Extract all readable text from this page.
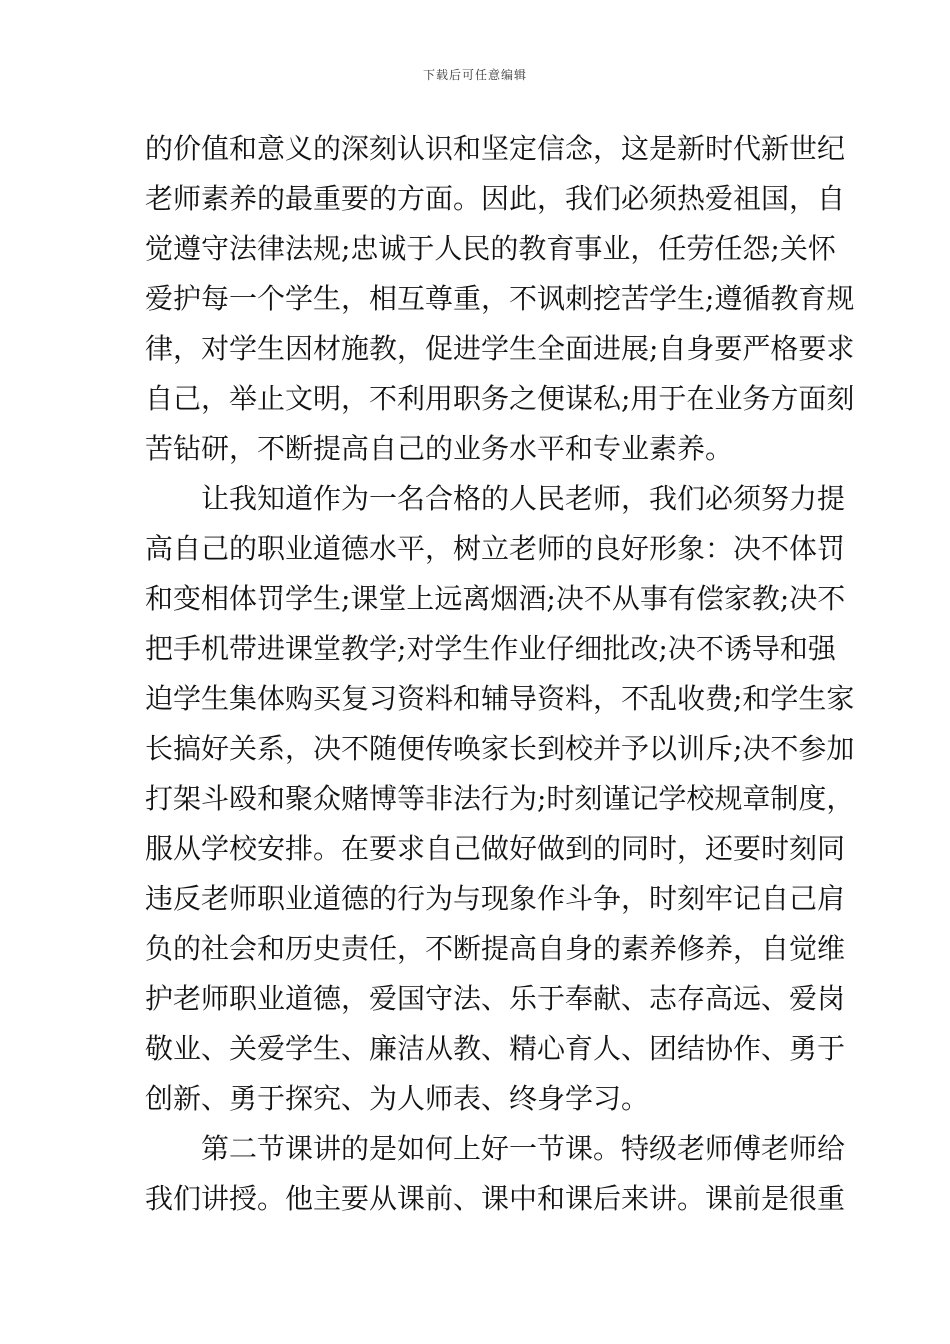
下载后可任意编辑
的价值和意义的深刻认识和坚定信念，这是新时代新世纪
老师素养的最重要的方面。因此，我们必须热爱祖国，自
觉遵守法律法规;忠诚于人民的教育事业，任劳任怨;关怀
爱护每一个学生，相互尊重，不讽刺挖苦学生;遵循教育规
律，对学生因材施教，促进学生全面进展;自身要严格要求
自己，举止文明，不利用职务之便谋私;用于在业务方面刻
苦钻研，不断提高自己的业务水平和专业素养。
让我知道作为一名合格的人民老师，我们必须努力提
高自己的职业道德水平，树立老师的良好形象：决不体罚
和变相体罚学生;课堂上远离烟酒;决不从事有偿家教;决不
把手机带进课堂教学;对学生作业仔细批改;决不诱导和强
迫学生集体购买复习资料和辅导资料，不乱收费;和学生家
长搞好关系，决不随便传唤家长到校并予以训斥;决不参加
打架斗殴和聚众赌博等非法行为;时刻谨记学校规章制度，
服从学校安排。在要求自己做好做到的同时，还要时刻同
违反老师职业道德的行为与现象作斗争，时刻牢记自己肩
负的社会和历史责任，不断提高自身的素养修养，自觉维
护老师职业道德，爱国守法、乐于奉献、志存高远、爱岗
敬业、关爱学生、廉洁从教、精心育人、团结协作、勇于
创新、勇于探究、为人师表、终身学习。
第二节课讲的是如何上好一节课。特级老师傅老师给
我们讲授。他主要从课前、课中和课后来讲。课前是很重
